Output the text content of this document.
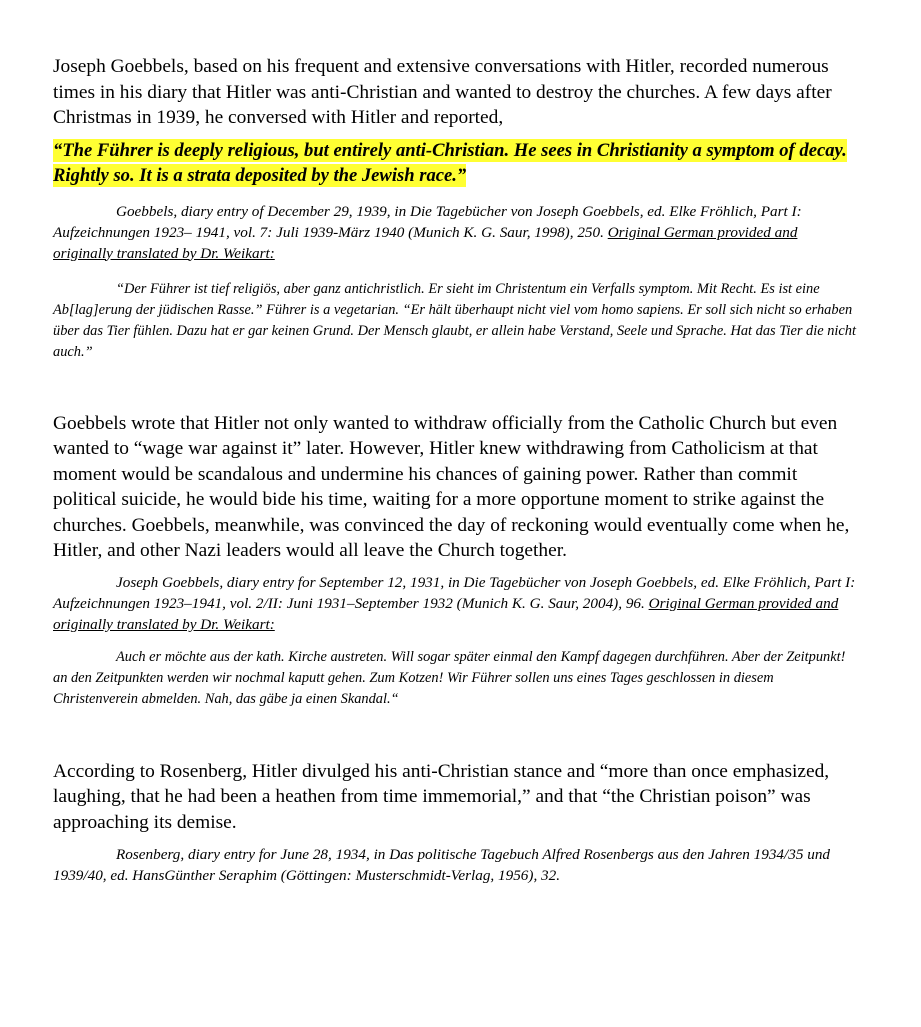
Joseph Goebbels, based on his frequent and extensive conversations with Hitler, recorded numerous times in his diary that Hitler was anti-Christian and wanted to destroy the churches. A few days after Christmas in 1939, he conversed with Hitler and reported,

“The Führer is deeply religious, but entirely anti-Christian. He sees in Christianity a symptom of decay. Rightly so. It is a strata deposited by the Jewish race.”

Goebbels, diary entry of December 29, 1939, in Die Tagebücher von Joseph Goebbels, ed. Elke Fröhlich, Part I: Aufzeichnungen 1923– 1941, vol. 7: Juli 1939-März 1940 (Munich K. G. Saur, 1998), 250. Original German provided and originally translated by Dr. Weikart:

“Der Führer ist tief religiös, aber ganz antichristlich. Er sieht im Christentum ein Verfalls symptom. Mit Recht. Es ist eine Ab[lag]erung der jüdischen Rasse.” Führer is a vegetarian. “Er hält überhaupt nicht viel vom homo sapiens. Er soll sich nicht so erhaben über das Tier fühlen. Dazu hat er gar keinen Grund. Der Mensch glaubt, er allein habe Verstand, Seele und Sprache. Hat das Tier die nicht auch.”

Goebbels wrote that Hitler not only wanted to withdraw officially from the Catholic Church but even wanted to “wage war against it” later. However, Hitler knew withdrawing from Catholicism at that moment would be scandalous and undermine his chances of gaining power. Rather than commit political suicide, he would bide his time, waiting for a more opportune moment to strike against the churches. Goebbels, meanwhile, was convinced the day of reckoning would eventually come when he, Hitler, and other Nazi leaders would all leave the Church together.

Joseph Goebbels, diary entry for September 12, 1931, in Die Tagebücher von Joseph Goebbels, ed. Elke Fröhlich, Part I: Aufzeichnungen 1923–1941, vol. 2/II: Juni 1931–September 1932 (Munich K. G. Saur, 2004), 96. Original German provided and originally translated by Dr. Weikart:

Auch er möchte aus der kath. Kirche austreten. Will sogar später einmal den Kampf dagegen durchführen. Aber der Zeitpunkt! an den Zeitpunkten werden wir nochmal kaputt gehen. Zum Kotzen! Wir Führer sollen uns eines Tages geschlossen in diesem Christenverein abmelden. Nah, das gäbe ja einen Skandal.“

According to Rosenberg, Hitler divulged his anti-Christian stance and “more than once emphasized, laughing, that he had been a heathen from time immemorial,” and that “the Christian poison” was approaching its demise.

Rosenberg, diary entry for June 28, 1934, in Das politische Tagebuch Alfred Rosenbergs aus den Jahren 1934/35 und 1939/40, ed. HansGünther Seraphim (Göttingen: Musterschmidt-Verlag, 1956), 32.
